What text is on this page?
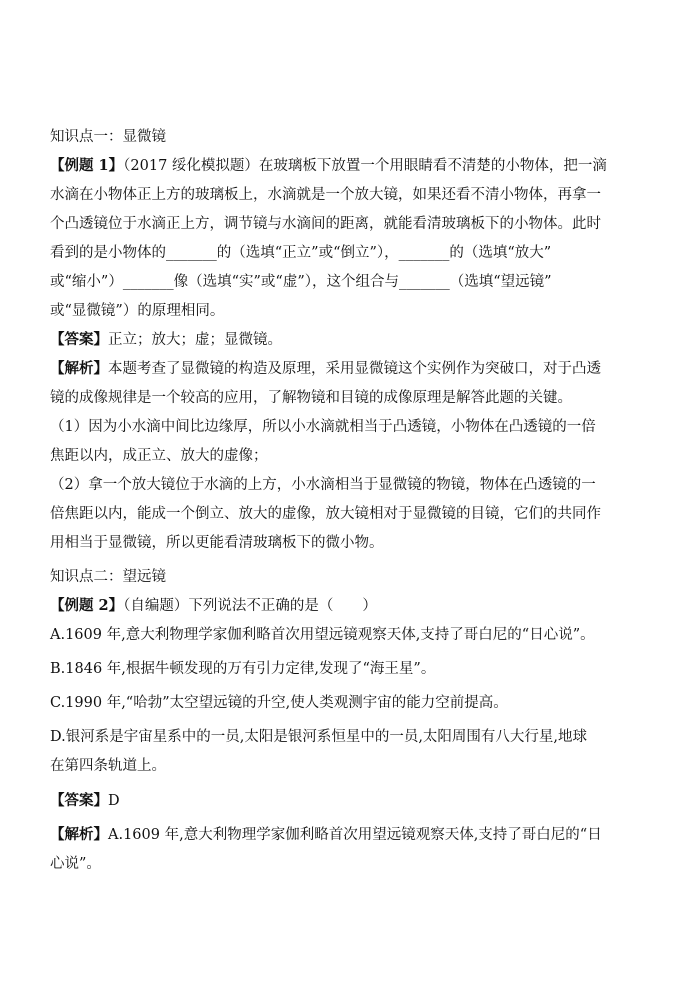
知识点一：显微镜
【例题 1】（2017 绥化模拟题）在玻璃板下放置一个用眼睛看不清楚的小物体，把一滴
水滴在小物体正上方的玻璃板上，水滴就是一个放大镜，如果还看不清小物体，再拿一
个凸透镜位于水滴正上方，调节镜与水滴间的距离，就能看清玻璃板下的小物体。此时
看到的是小物体的_______的（选填“正立”或“倒立”），_______的（选填“放大”
或“缩小”）_______像（选填“实”或“虚”），这个组合与_______（选填“望远镜”
或“显微镜”）的原理相同。
【答案】正立；放大；虚；显微镜。
【解析】本题考查了显微镜的构造及原理，采用显微镜这个实例作为突破口，对于凸透
镜的成像规律是一个较高的应用，了解物镜和目镜的成像原理是解答此题的关键。
（1）因为小水滴中间比边缘厚，所以小水滴就相当于凸透镜，小物体在凸透镜的一倍
焦距以内，成正立、放大的虚像；
（2）拿一个放大镜位于水滴的上方，小水滴相当于显微镜的物镜，物体在凸透镜的一
倍焦距以内，能成一个倒立、放大的虚像，放大镜相对于显微镜的目镜，它们的共同作
用相当于显微镜，所以更能看清玻璃板下的微小物。
知识点二：望远镜
【例题 2】（自编题）下列说法不正确的是（　　）
A.1609 年,意大利物理学家伽利略首次用望远镜观察天体,支持了哥白尼的“日心说”。
B.1846 年,根据牛顿发现的万有引力定律,发现了“海王星”。
C.1990 年,“哈勃”太空望远镜的升空,使人类观测宇宙的能力空前提高。
D.银河系是宇宙星系中的一员,太阳是银河系恒星中的一员,太阳周围有八大行星,地球
在第四条轨道上。
【答案】D
【解析】A.1609 年,意大利物理学家伽利略首次用望远镜观察天体,支持了哥白尼的“日
心说”。
